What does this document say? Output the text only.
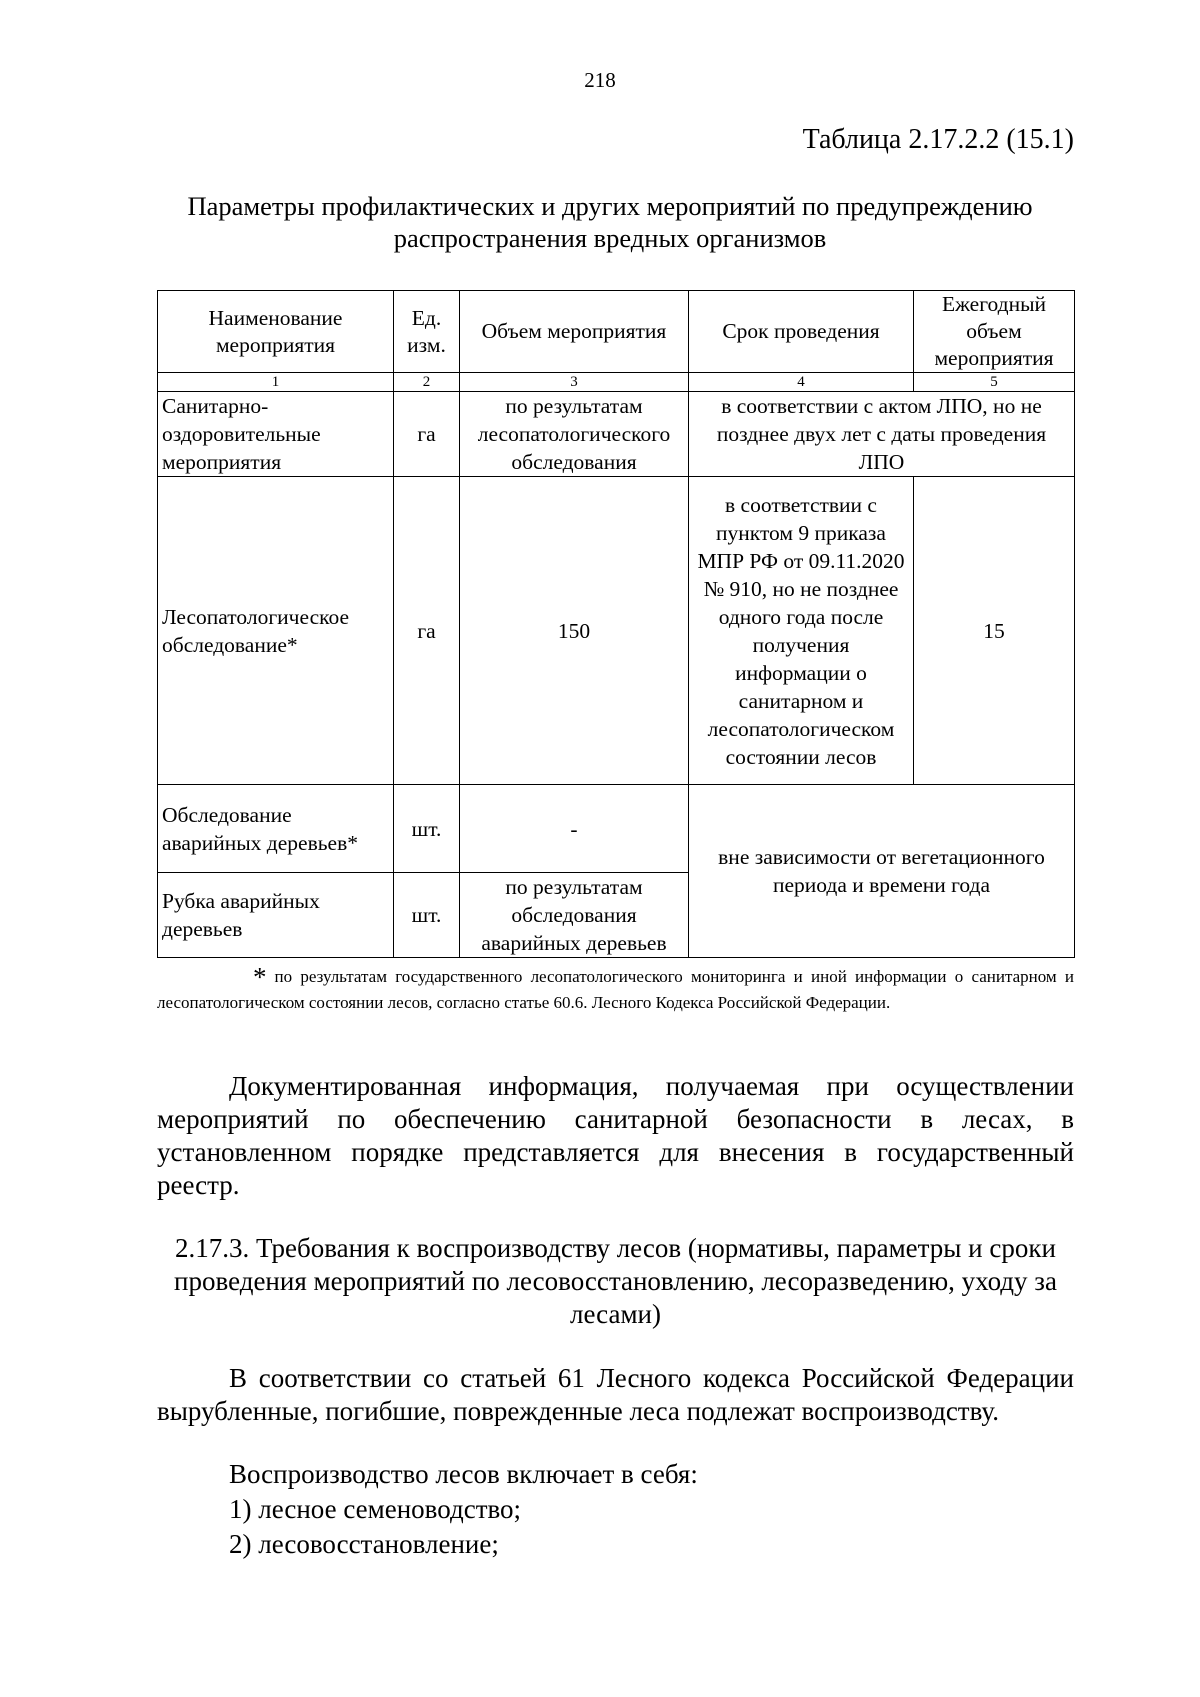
218
Таблица 2.17.2.2 (15.1)
Параметры профилактических и других мероприятий по предупреждению распространения вредных организмов
Наименование мероприятия	Ед. изм.	Объем мероприятия	Срок проведения	Ежегодный объем мероприятия
1	2	3	4	5
Санитарно-оздоровительные мероприятия	га	по результатам лесопатологического обследования	в соответствии с актом ЛПО, но не позднее двух лет с даты проведения ЛПО	
Лесопатологическое обследование*	га	150	в соответствии с пунктом 9 приказа МПР РФ от 09.11.2020 № 910, но не позднее одного года после получения информации о санитарном и лесопатологическом состоянии лесов	15
Обследование аварийных деревьев*	шт.	-	вне зависимости от вегетационного периода и времени года	
Рубка аварийных деревьев	шт.	по результатам обследования аварийных деревьев		
* по результатам государственного лесопатологического мониторинга и иной информации о санитарном и лесопатологическом состоянии лесов, согласно статье 60.6. Лесного Кодекса Российской Федерации.
Документированная информация, получаемая при осуществлении мероприятий по обеспечению санитарной безопасности в лесах, в установленном порядке представляется для внесения в государственный реестр.
2.17.3. Требования к воспроизводству лесов (нормативы, параметры и сроки проведения мероприятий по лесовосстановлению, лесоразведению, уходу за лесами)
В соответствии со статьей 61 Лесного кодекса Российской Федерации вырубленные, погибшие, поврежденные леса подлежат воспроизводству.
Воспроизводство лесов включает в себя:
1) лесное семеноводство;
2) лесовосстановление;
